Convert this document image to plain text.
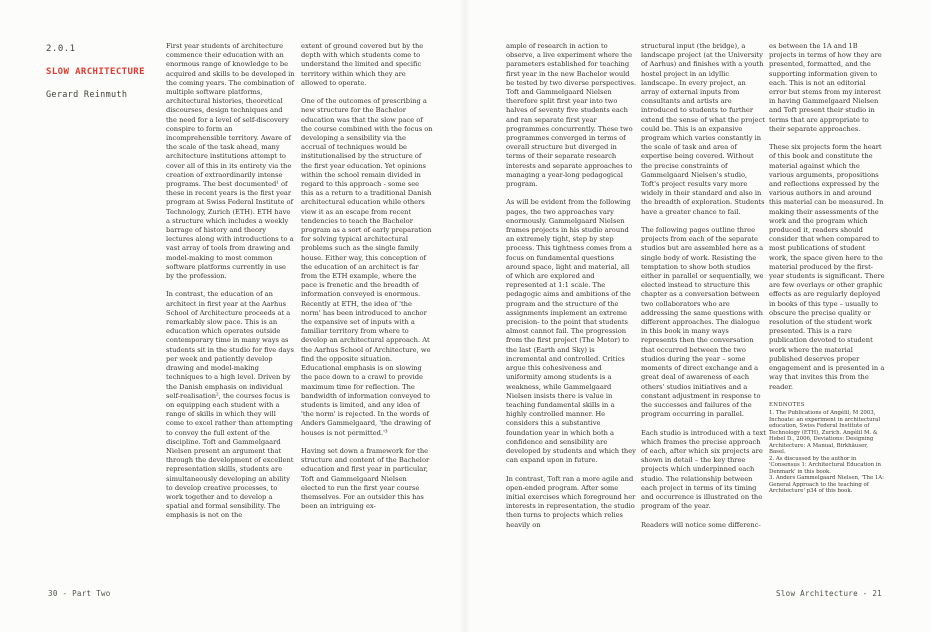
2.0.1
SLOW ARCHITECTURE
Gerard Reinmuth

First year students of architecture commence their education with an enormous range of knowledge to be acquired and skills to be developed in the coming years. The combination of multiple software platforms, architectural histories, theoretical discourses, design techniques and the need for a level of self-discovery conspire to form an incomprehensible territory. Aware of the scale of the task ahead, many architecture institutions attempt to cover all of this in its entirety via the creation of extraordinarily intense programs. The best documented¹ of these in recent years is the first year program at Swiss Federal Institute of Technology, Zurich (ETH). ETH have a structure which includes a weekly barrage of history and theory lectures along with introductions to a vast array of tools from drawing and model-making to most common software platforms currently in use by the profession.

In contrast, the education of an architect in first year at the Aarhus School of Architecture proceeds at a remarkably slow pace. This is an education which operates outside contemporary time in many ways as students sit in the studio for five days per week and patiently develop drawing and model-making techniques to a high level. Driven by the Danish emphasis on individual self-realisation², the courses focus is on equipping each student with a range of skills in which they will come to excel rather than attempting to convey the full extent of the discipline. Toft and Gammelgaard Nielsen present an argument that through the development of excellent representation skills, students are simultaneously developing an ability to develop creative processes, to work together and to develop a spatial and formal sensibility. The emphasis is not on the

extent of ground covered but by the depth with which students come to understand the limited and specific territory within which they are allowed to operate.

One of the outcomes of prescribing a new structure for the Bachelor education was that the slow pace of the course combined with the focus on developing a sensibility via the accrual of techniques would be institutionalised by the structure of the first year education. Yet opinions within the school remain divided in regard to this approach - some see this as a return to a traditional Danish architectural education while others view it as an escape from recent tendencies to teach the Bachelor program as a sort of early preparation for solving typical architectural problems such as the single family house. Either way, this conception of the education of an architect is far from the ETH example, where the pace is frenetic and the breadth of information conveyed is enormous. Recently at ETH, the idea of 'the norm' has been introduced to anchor the expansive set of inputs with a familiar territory from where to develop an architectural approach. At the Aarhus School of Architecture, we find the opposite situation. Educational emphasis is on slowing the pace down to a crawl to provide maximum time for reflection. The bandwidth of information conveyed to students is limited, and any idea of 'the norm' is rejected. In the words of Anders Gammelgaard, 'the drawing of houses is not permitted.'³

Having set down a framework for the structure and content of the Bachelor education and first year in particular, Toft and Gammelgaard Nielsen elected to run the first year course themselves. For an outsider this has been an intriguing ex-

ample of research in action to observe, a live experiment where the parameters established for teaching first year in the new Bachelor would be tested by two diverse perspectives. Toft and Gammelgaard Nielsen therefore split first year into two halves of seventy five students each and ran separate first year programmes concurrently. These two programmes converged in terms of overall structure but diverged in terms of their separate research interests and separate approaches to managing a year-long pedagogical program.

As will be evident from the following pages, the two approaches vary enormously. Gammelgaard Nielsen frames projects in his studio around an extremely tight, step by step process. This tightness comes from a focus on fundamental questions around space, light and material, all of which are explored and represented at 1:1 scale. The pedagogic aims and ambitions of the program and the structure of the assignments implement an extreme precision- to the point that students almost cannot fail. The progression from the first project (The Motor) to the last (Earth and Sky) is incremental and controlled. Critics argue this cohesiveness and uniformity among students is a weakness, while Gammelgaard Nielsen insists there is value in teaching fundamental skills in a highly controlled manner. He considers this a substantive foundation year in which both a confidence and sensibility are developed by students and which they can expand upon in future.

In contrast, Toft ran a more agile and open-ended program. After some initial exercises which foreground her interests in representation, the studio then turns to projects which relies heavily on

structural input (the bridge), a landscape project (at the University of Aarhus) and finishes with a youth hostel project in an idyllic landscape. In every project, an array of external inputs from consultants and artists are introduced to students to further extend the sense of what the project could be. This is an expansive program which varies constantly in the scale of task and area of expertise being covered. Without the precise constraints of Gammelgaard Nielsen's studio, Toft's project results vary more widely in their standard and also in the breadth of exploration. Students have a greater chance to fail.

The following pages outline three projects from each of the separate studios but are assembled here as a single body of work. Resisting the temptation to show both studios either in parallel or sequentially, we elected instead to structure this chapter as a conversation between two collaborators who are addressing the same questions with different approaches. The dialogue in this book in many ways represents then the conversation that occurred between the two studios during the year – some moments of direct exchange and a great deal of awareness of each others' studios initiatives and a constant adjustment in response to the successes and failures of the program occurring in parallel.

Each studio is introduced with a text which frames the precise approach of each, after which six projects are shown in detail – the key three projects which underpinned each studio. The relationship between each project in terms of its timing and occurrence is illustrated on the program of the year.

Readers will notice some differenc-

es between the 1A and 1B projects in terms of how they are presented, formatted, and the supporting information given to each. This is not an editorial error but stems from my interest in having Gammelgaard Nielsen and Toft present their studio in terms that are appropriate to their separate approaches.

These six projects form the heart of this book and constitute the material against which the various arguments, propositions and reflections expressed by the various authors in and around this material can be measured. In making their assessments of the work and the program which produced it, readers should consider that when compared to most publications of student work, the space given here to the material produced by the first-year students is significant. There are few overlays or other graphic effects as are regularly deployed in books of this type – usually to obscure the precise quality or resolution of the student work presented. This is a rare publication devoted to student work where the material published deserves proper engagement and is presented in a way that invites this from the reader.

ENDNOTES

1. The Publications of Angélil, M 2003, Inchoate: an experiment in architectural education, Swiss Federal Institute of Technology (ETH), Zurich. Angélil M. & Hebel D., 2006, Deviations: Designing Architecture: A Manual, Birkhäuser, Basel.

2. As discussed by the author in 'Consensus 1: Architectural Education in Denmark' in this book.

3. Anders Gammelgaard Nielsen, 'The 1A: General Approach to the teaching of Architecture' p34 of this book.

30 - Part Two	Slow Architecture - 21
